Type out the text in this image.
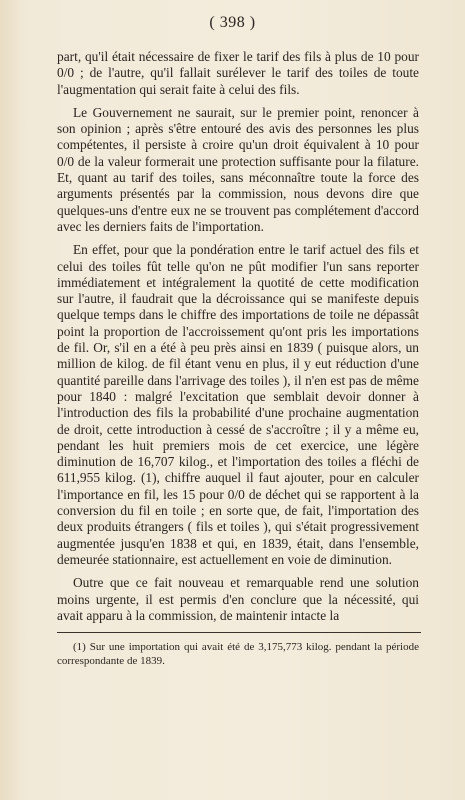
( 398 )

part, qu'il était nécessaire de fixer le tarif des fils à plus de 10 pour 0/0 ; de l'autre, qu'il fallait surélever le tarif des toiles de toute l'augmentation qui serait faite à celui des fils.

Le Gouvernement ne saurait, sur le premier point, renoncer à son opinion ; après s'être entouré des avis des personnes les plus compétentes, il persiste à croire qu'un droit équivalent à 10 pour 0/0 de la valeur formerait une protection suffisante pour la filature. Et, quant au tarif des toiles, sans méconnaître toute la force des arguments présentés par la commission, nous devons dire que quelques-uns d'entre eux ne se trouvent pas complétement d'accord avec les derniers faits de l'importation.

En effet, pour que la pondération entre le tarif actuel des fils et celui des toiles fût telle qu'on ne pût modifier l'un sans reporter immédiatement et intégralement la quotité de cette modification sur l'autre, il faudrait que la décroissance qui se manifeste depuis quelque temps dans le chiffre des importations de toile ne dépassât point la proportion de l'accroissement qu'ont pris les importations de fil. Or, s'il en a été à peu près ainsi en 1839 ( puisque alors, un million de kilog. de fil étant venu en plus, il y eut réduction d'une quantité pareille dans l'arrivage des toiles ), il n'en est pas de même pour 1840 : malgré l'excitation que semblait devoir donner à l'introduction des fils la probabilité d'une prochaine augmentation de droit, cette introduction à cessé de s'accroître ; il y a même eu, pendant les huit premiers mois de cet exercice, une légère diminution de 16,707 kilog., et l'importation des toiles a fléchi de 611,955 kilog. (1), chiffre auquel il faut ajouter, pour en calculer l'importance en fil, les 15 pour 0/0 de déchet qui se rapportent à la conversion du fil en toile ; en sorte que, de fait, l'importation des deux produits étrangers ( fils et toiles ), qui s'était progressivement augmentée jusqu'en 1838 et qui, en 1839, était, dans l'ensemble, demeurée stationnaire, est actuellement en voie de diminution.

Outre que ce fait nouveau et remarquable rend une solution moins urgente, il est permis d'en conclure que la nécessité, qui avait apparu à la commission, de maintenir intacte la

(1) Sur une importation qui avait été de 3,175,773 kilog. pendant la période correspondante de 1839.
